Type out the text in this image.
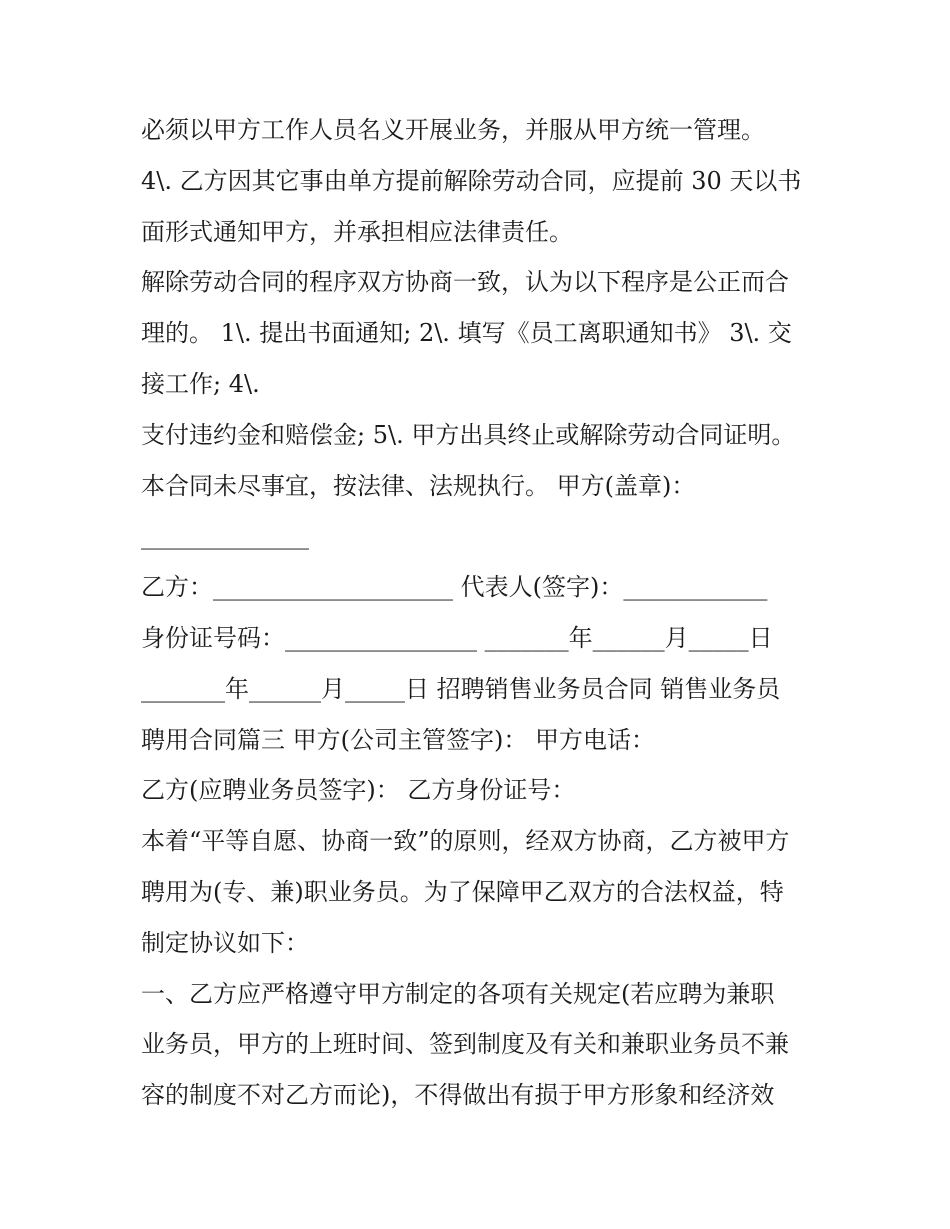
必须以甲方工作人员名义开展业务，并服从甲方统一管理。
4\. 乙方因其它事由单方提前解除劳动合同，应提前 30 天以书
面形式通知甲方，并承担相应法律责任。
解除劳动合同的程序双方协商一致，认为以下程序是公正而合
理的。 1\. 提出书面通知; 2\. 填写《员工离职通知书》 3\. 交
接工作; 4\.
支付违约金和赔偿金; 5\. 甲方出具终止或解除劳动合同证明。
本合同未尽事宜，按法律、法规执行。 甲方(盖章)：
______________
乙方：____________________ 代表人(签字)：____________
身份证号码：________________ _______年______月_____日
_______年______月_____日 招聘销售业务员合同 销售业务员
聘用合同篇三 甲方(公司主管签字)： 甲方电话：
乙方(应聘业务员签字)： 乙方身份证号：
本着“平等自愿、协商一致”的原则，经双方协商，乙方被甲方
聘用为(专、兼)职业务员。为了保障甲乙双方的合法权益，特
制定协议如下：
一、乙方应严格遵守甲方制定的各项有关规定(若应聘为兼职
业务员，甲方的上班时间、签到制度及有关和兼职业务员不兼
容的制度不对乙方而论)，不得做出有损于甲方形象和经济效
